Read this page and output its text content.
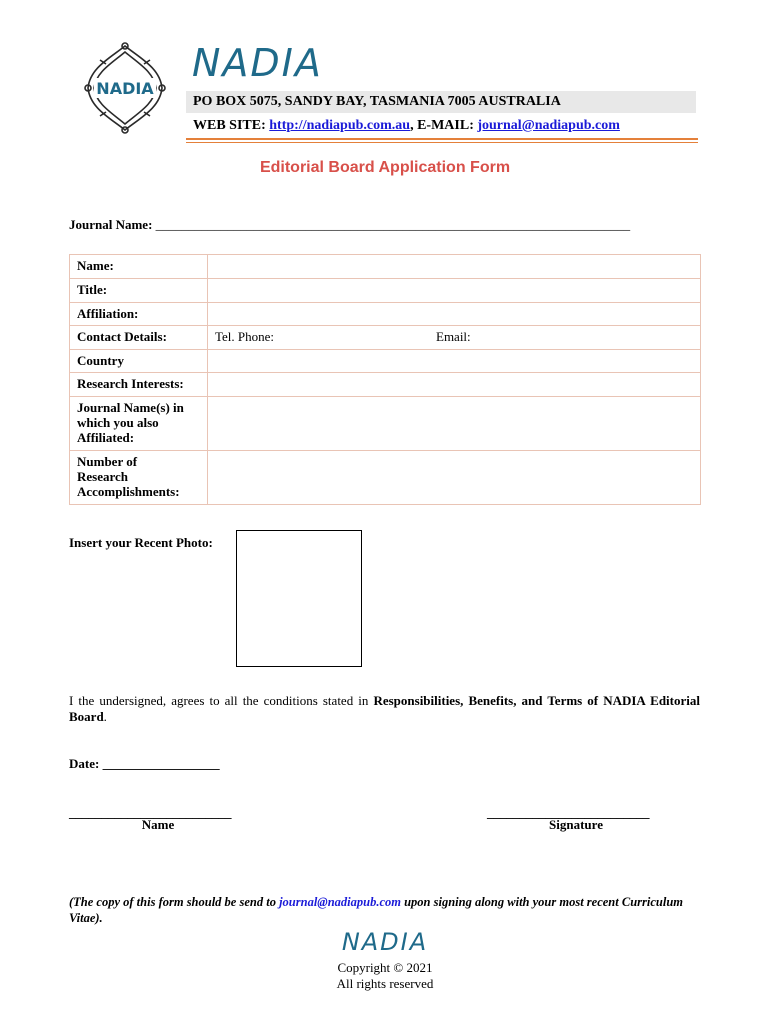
NADIA
NADIA
PO BOX 5075, SANDY BAY, TASMANIA 7005 AUSTRALIA
WEB SITE: http://nadiapub.com.au, E-MAIL: journal@nadiapub.com
Editorial Board Application Form
Journal Name: _________________________________________________________________________
Name:	
Title:	
Affiliation:	
Contact Details:	Tel. Phone: Email:

Country	
Research Interests:	
Journal Name(s) in
which you also
Affiliated:	
Number of
Research
Accomplishments:	
Insert your Recent Photo:
I the undersigned, agrees to all the conditions stated in Responsibilities, Benefits, and Terms of NADIA Editorial Board.
Date: __________________
_________________________
Name
_________________________
Signature
(The copy of this form should be send to journal@nadiapub.com upon signing along with your most recent Curriculum Vitae).
NADIA
Copyright © 2021
All rights reserved
